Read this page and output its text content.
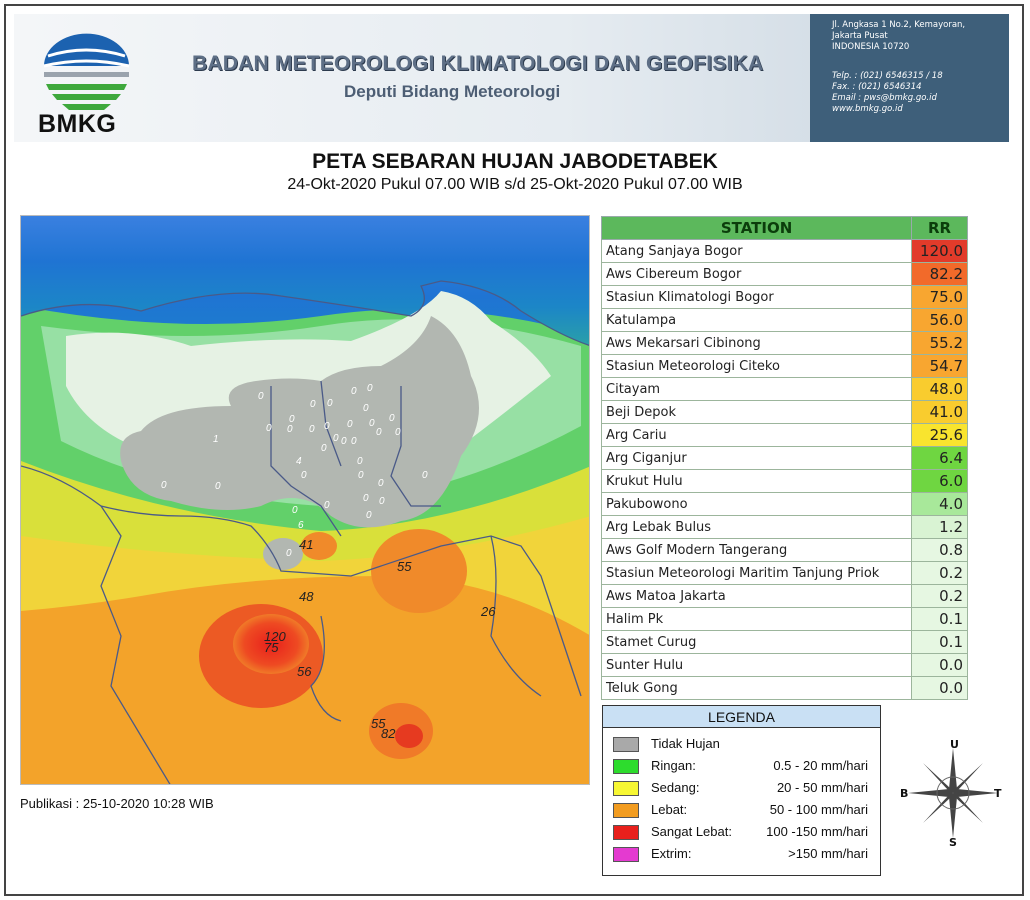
BMKG
BADAN METEOROLOGI KLIMATOLOGI DAN GEOFISIKA
Deputi Bidang Meteorologi
Jl. Angkasa 1 No.2, Kemayoran,
Jakarta Pusat
INDONESIA 10720
Telp. : (021) 6546315 / 18
Fax. : (021) 6546314
Email : pws@bmkg.go.id
www.bmkg.go.id
PETA SEBARAN HUJAN JABODETABEK
24-Okt-2020 Pukul 07.00 WIB s/d 25-Okt-2020 Pukul 07.00 WIB
0
0
0 0
0 0
0
0 0 0 0 0 0
0
0 0 0
0 0
0
0
0
0
0
0	0
0 0
0
0	0
0
0
41
55
48
26
120
75
56
55
82
1
4
6
Publikasi : 25-10-2020 10:28 WIB
STATION	RR
Atang Sanjaya Bogor	120.0
Aws Cibereum Bogor	82.2
Stasiun Klimatologi Bogor	75.0
Katulampa	56.0
Aws Mekarsari Cibinong	55.2
Stasiun Meteorologi Citeko	54.7
Citayam	48.0
Beji Depok	41.0
Arg Cariu	25.6
Arg Ciganjur	6.4
Krukut Hulu	6.0
Pakubowono	4.0
Arg Lebak Bulus	1.2
Aws Golf Modern Tangerang	0.8
Stasiun Meteorologi Maritim Tanjung Priok	0.2
Aws Matoa Jakarta	0.2
Halim Pk	0.1
Stamet Curug	0.1
Sunter Hulu	0.0
Teluk Gong	0.0
LEGENDA
Tidak Hujan
Ringan:	0.5 - 20 mm/hari
Sedang:	20 - 50 mm/hari
Lebat:	50 - 100 mm/hari
Sangat Lebat:	100 -150 mm/hari
Extrim:	>150 mm/hari
U
S
T
B
